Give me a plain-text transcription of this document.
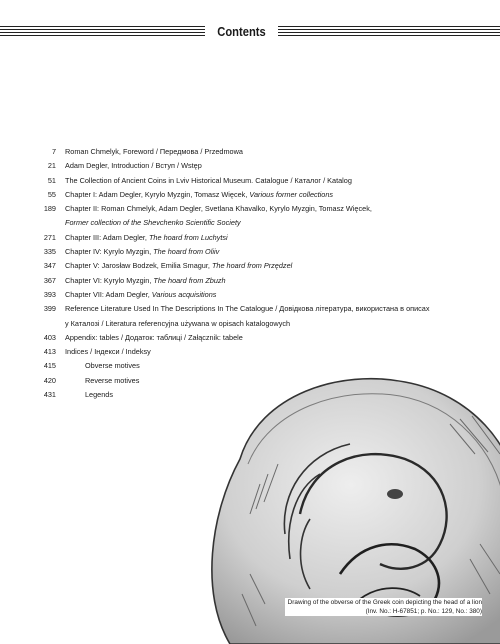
Contents
7	Roman Chmelyk, Foreword / Передмова / Przedmowa
21	Adam Degler, Introduction / Вступ / Wstęp
51	The Collection of Ancient Coins in Lviv Historical Museum. Catalogue / Каталог / Katalog
55	Chapter I: Adam Degler, Kyrylo Myzgin, Tomasz Więcek, Various former collections
189	Chapter II: Roman Chmelyk, Adam Degler, Svetlana Khavalko, Kyrylo Myzgin, Tomasz Więcek,
Former collection of the Shevchenko Scientific Society
271	Chapter III: Adam Degler, The hoard from Luchytsi
335	Chapter IV: Kyrylo Myzgin, The hoard from Oliiv
347	Chapter V: Jarosław Bodzek, Emilia Smagur, The hoard from Przędzel
367	Chapter VI: Kyrylo Myzgin, The hoard from Zbuzh
393	Chapter VII: Adam Degler, Various acquisitions
399	Reference Literature Used In The Descriptions In The Catalogue / Довідкова література, використана в описах
у Каталозі / Literatura referencyjna używana w opisach katalogowych
403	Appendix: tables / Додаток: таблиці / Załącznik: tabele
413	Indices / Індекси / Indeksy
415	Obverse motives
420	Reverse motives
431	Legends
Drawing of the obverse of the Greek coin depicting the head of a lion
(Inv. No.: Н-67851; p. No.: 129, No.: 380)
